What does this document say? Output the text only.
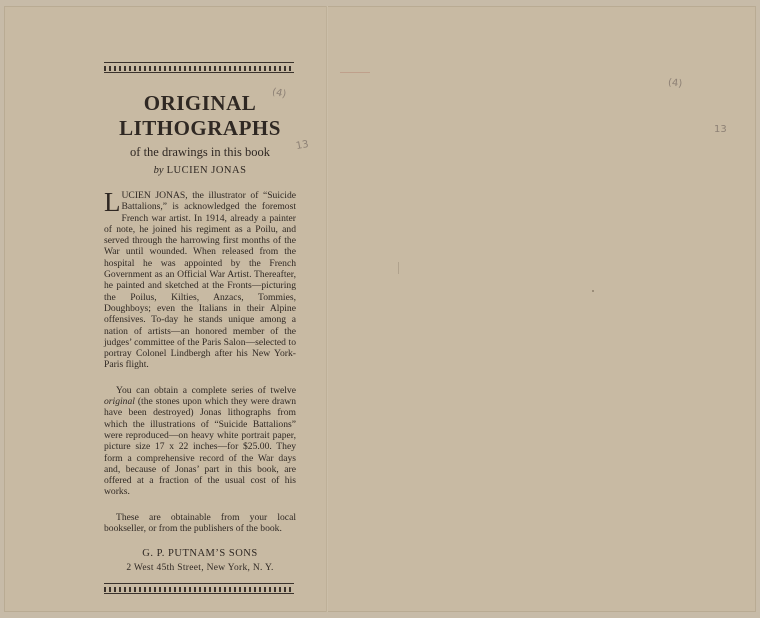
ORIGINAL
LITHOGRAPHS
of the drawings in this book
by LUCIEN JONAS
LUCIEN JONAS, the illustrator of “Suicide Battalions,” is acknowledged the foremost French war artist. In 1914, already a painter of note, he joined his regiment as a Poilu, and served through the harrowing first months of the War until wounded. When released from the hospital he was appointed by the French Government as an Official War Artist. Thereafter, he painted and sketched at the Fronts—picturing the Poilus, Kilties, Anzacs, Tommies, Doughboys; even the Italians in their Alpine offensives. To-day he stands unique among a nation of artists—an honored member of the judges’ committee of the Paris Salon—selected to portray Colonel Lindbergh after his New York-Paris flight.
You can obtain a complete series of twelve original (the stones upon which they were drawn have been destroyed) Jonas lithographs from which the illustrations of “Suicide Battalions” were reproduced—on heavy white portrait paper, picture size 17 x 22 inches—for $25.00. They form a comprehensive record of the War days and, because of Jonas’ part in this book, are offered at a fraction of the usual cost of his works.
These are obtainable from your local bookseller, or from the publishers of the book.
G. P. PUTNAM’S SONS
2 West 45th Street, New York, N. Y.
(4)
13
(4)
13
